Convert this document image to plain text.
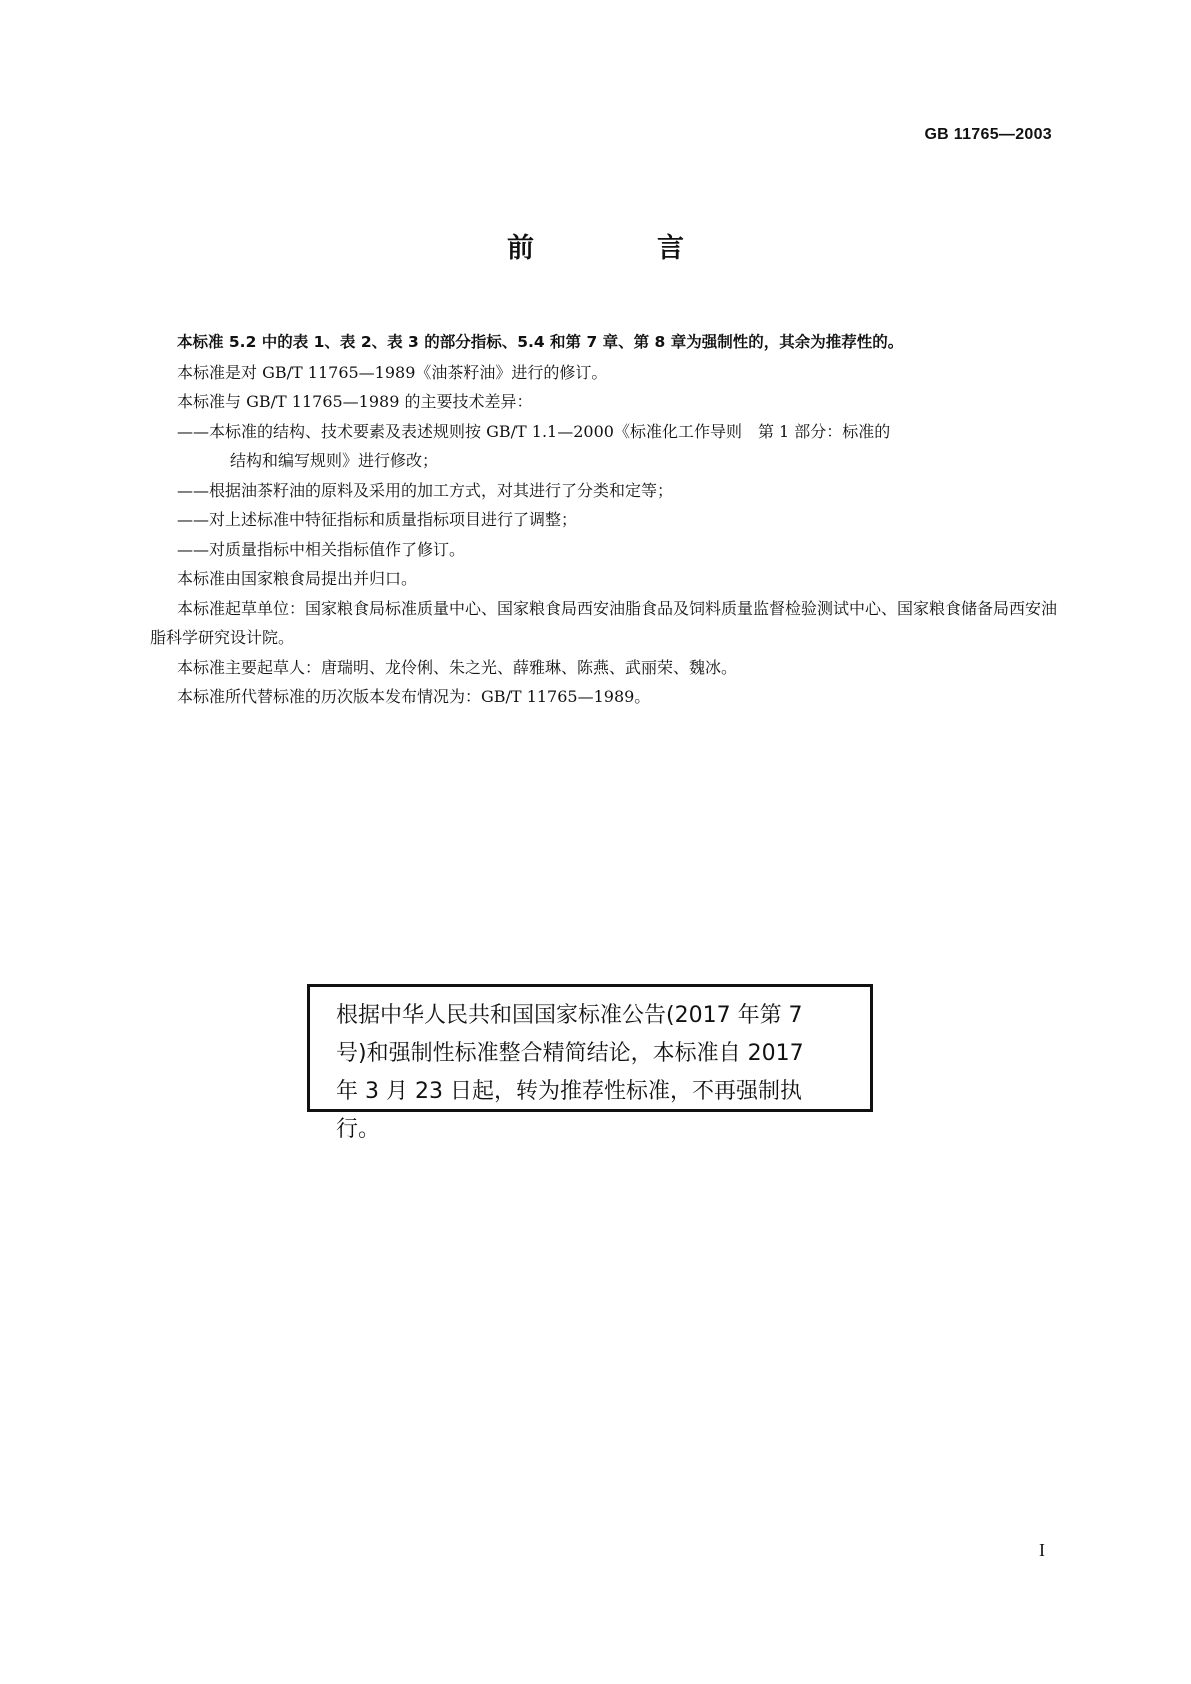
GB 11765—2003
前　言
本标准 5.2 中的表 1、表 2、表 3 的部分指标、5.4 和第 7 章、第 8 章为强制性的，其余为推荐性的。
本标准是对 GB/T 11765—1989《油茶籽油》进行的修订。
本标准与 GB/T 11765—1989 的主要技术差异：
——本标准的结构、技术要素及表述规则按 GB/T 1.1—2000《标准化工作导则　第 1 部分：标准的
结构和编写规则》进行修改；
——根据油茶籽油的原料及采用的加工方式，对其进行了分类和定等；
——对上述标准中特征指标和质量指标项目进行了调整；
——对质量指标中相关指标值作了修订。
本标准由国家粮食局提出并归口。
本标准起草单位：国家粮食局标准质量中心、国家粮食局西安油脂食品及饲料质量监督检验测试中心、国家粮食储备局西安油脂科学研究设计院。
本标准主要起草人：唐瑞明、龙伶俐、朱之光、薛雅琳、陈燕、武丽荣、魏冰。
本标准所代替标准的历次版本发布情况为：GB/T 11765—1989。
根据中华人民共和国国家标准公告(2017 年第 7
号)和强制性标准整合精简结论，本标准自 2017
年 3 月 23 日起，转为推荐性标准，不再强制执行。
I
